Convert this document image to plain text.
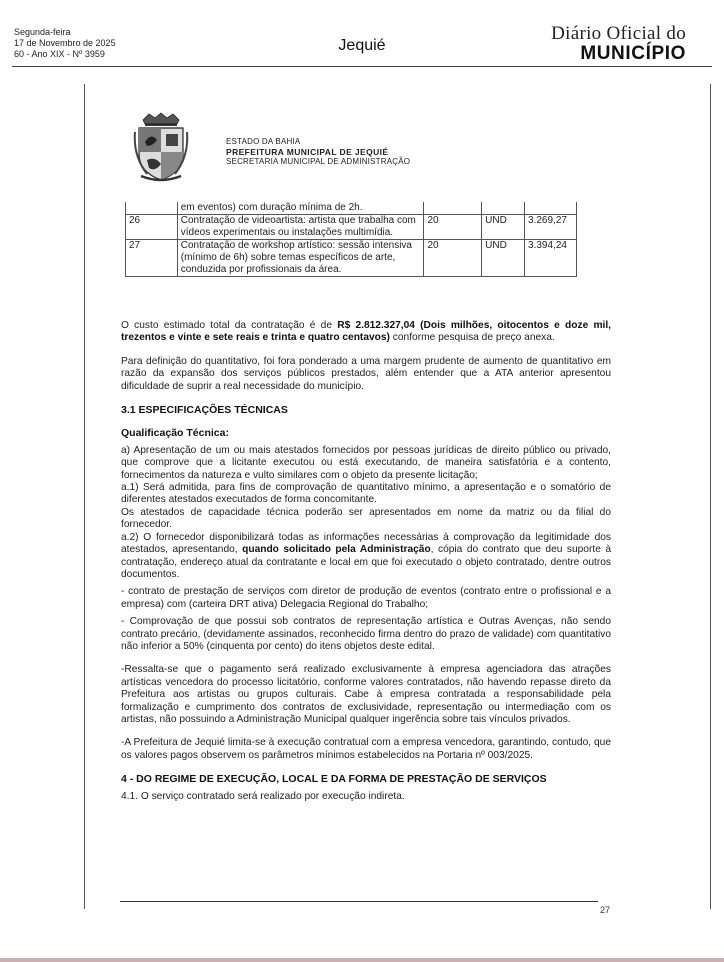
Segunda-feira
17 de Novembro de 2025
60 - Ano XIX - Nº 3959	Jequié
Diário Oficial do
MUNICÍPIO
ESTADO DA BAHIA
PREFEITURA MUNICIPAL DE JEQUIÉ
SECRETARIA MUNICIPAL DE ADMINISTRAÇÃO
	em eventos) com duração mínima de 2h.			
26	Contratação de videoartista: artista que trabalha com vídeos experimentais ou instalações multimídia.	20	UND	3.269,27
27	Contratação de workshop artístico: sessão intensiva (mínimo de 6h) sobre temas específicos de arte, conduzida por profissionais da área.	20	UND	3.394,24

O custo estimado total da contratação é de R$ 2.812.327,04 (Dois milhões, oitocentos e doze mil, trezentos e vinte e sete reais e trinta e quatro centavos) conforme pesquisa de preço anexa.

Para definição do quantitativo, foi fora ponderado a uma margem prudente de aumento de quantitativo em razão da expansão dos serviços públicos prestados, além entender que a ATA anterior apresentou dificuldade de suprir a real necessidade do município.

3.1 ESPECIFICAÇÕES TÉCNICAS

Qualificação Técnica:

a) Apresentação de um ou mais atestados fornecidos por pessoas jurídicas de direito público ou privado, que comprove que a licitante executou ou está executando, de maneira satisfatória e a contento, fornecimentos da natureza e vulto similares com o objeto da presente licitação;

a.1) Será admitida, para fins de comprovação de quantitativo mínimo, a apresentação e o somatório de diferentes atestados executados de forma concomitante.

Os atestados de capacidade técnica poderão ser apresentados em nome da matriz ou da filial do fornecedor.

a.2) O fornecedor disponibilizará todas as informações necessárias à comprovação da legitimidade dos atestados, apresentando, quando solicitado pela Administração, cópia do contrato que deu suporte à contratação, endereço atual da contratante e local em que foi executado o objeto contratado, dentre outros documentos.

- contrato de prestação de serviços com diretor de produção de eventos (contrato entre o profissional e a empresa) com (carteira DRT ativa) Delegacia Regional do Trabalho;

- Comprovação de que possui sob contratos de representação artística e Outras Avenças, não sendo contrato precário, (devidamente assinados, reconhecido firma dentro do prazo de validade) com quantitativo não inferior a 50% (cinquenta por cento) do itens objetos deste edital.

-Ressalta-se que o pagamento será realizado exclusivamente à empresa agenciadora das atrações artísticas vencedora do processo licitatório, conforme valores contratados, não havendo repasse direto da Prefeitura aos artistas ou grupos culturais. Cabe à empresa contratada a responsabilidade pela formalização e cumprimento dos contratos de exclusividade, representação ou intermediação com os artistas, não possuindo a Administração Municipal qualquer ingerência sobre tais vínculos privados.

-A Prefeitura de Jequié limita-se à execução contratual com a empresa vencedora, garantindo, contudo, que os valores pagos observem os parâmetros mínimos estabelecidos na Portaria nº 003/2025.

4 - DO REGIME DE EXECUÇÃO, LOCAL E DA FORMA DE PRESTAÇÃO DE SERVIÇOS

4.1. O serviço contratado será realizado por execução indireta.

27
